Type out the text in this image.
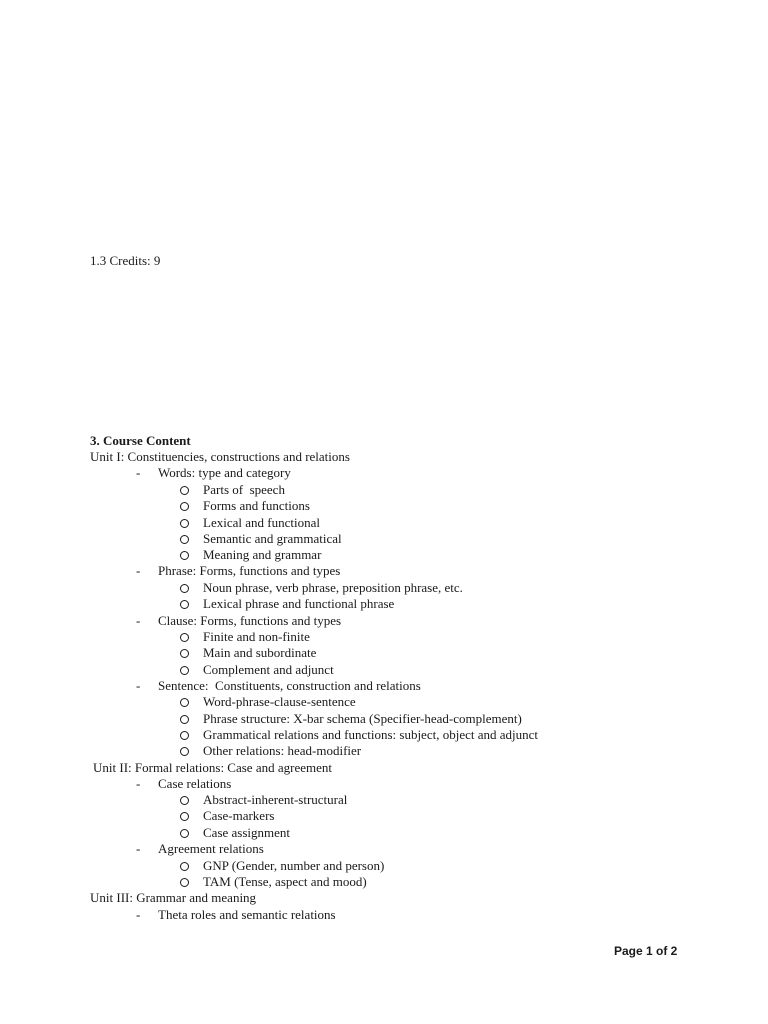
1.3 Credits: 9
3. Course Content
Unit I: Constituencies, constructions and relations
- Words: type and category
Parts of  speech
Forms and functions
Lexical and functional
Semantic and grammatical
Meaning and grammar
- Phrase: Forms, functions and types
Noun phrase, verb phrase, preposition phrase, etc.
Lexical phrase and functional phrase
- Clause: Forms, functions and types
Finite and non-finite
Main and subordinate
Complement and adjunct
- Sentence:  Constituents, construction and relations
Word-phrase-clause-sentence
Phrase structure: X-bar schema (Specifier-head-complement)
Grammatical relations and functions: subject, object and adjunct
Other relations: head-modifier
Unit II: Formal relations: Case and agreement
- Case relations
Abstract-inherent-structural
Case-markers
Case assignment
- Agreement relations
GNP (Gender, number and person)
TAM (Tense, aspect and mood)
Unit III: Grammar and meaning
- Theta roles and semantic relations
Page 1 of 2
